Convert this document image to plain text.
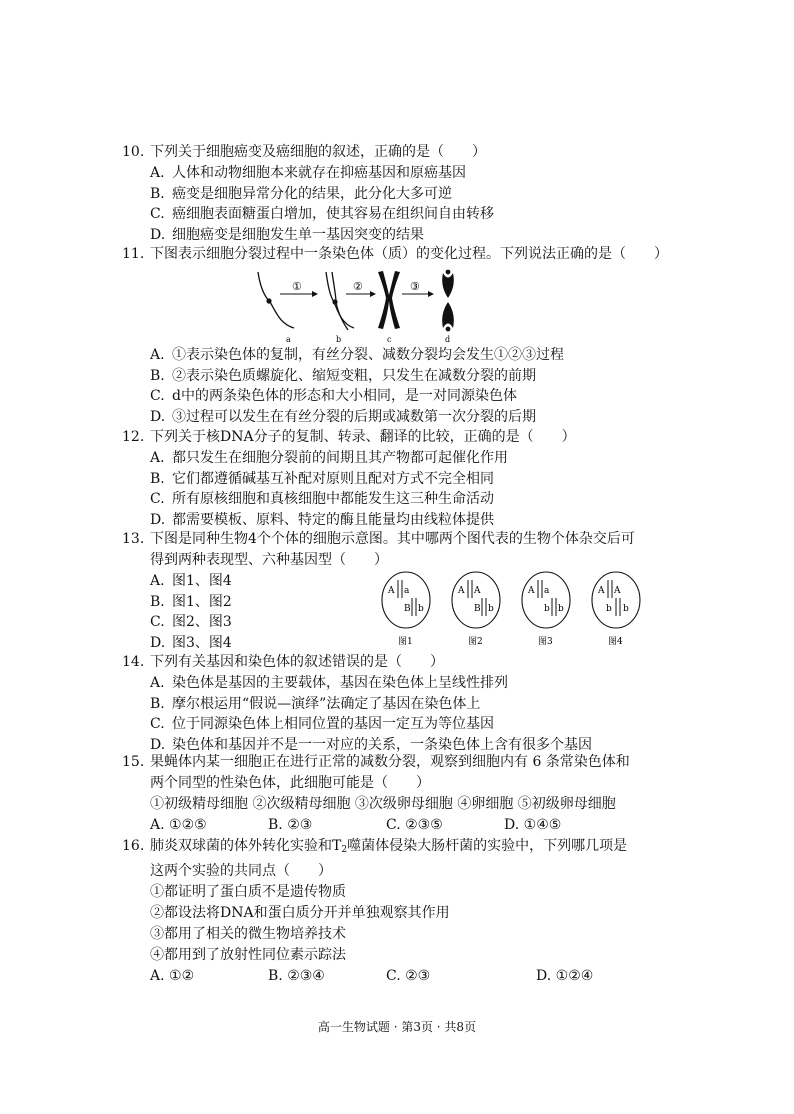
10. 下列关于细胞癌变及癌细胞的叙述，正确的是（　　）
A. 人体和动物细胞本来就存在抑癌基因和原癌基因
B. 癌变是细胞异常分化的结果，此分化大多可逆
C. 癌细胞表面糖蛋白增加，使其容易在组织间自由转移
D. 细胞癌变是细胞发生单一基因突变的结果
11. 下图表示细胞分裂过程中一条染色体（质）的变化过程。下列说法正确的是（　　）
①	②	③
a	b	c	d
A. ①表示染色体的复制，有丝分裂、减数分裂均会发生①②③过程
B. ②表示染色质螺旋化、缩短变粗，只发生在减数分裂的前期
C. d中的两条染色体的形态和大小相同，是一对同源染色体
D. ③过程可以发生在有丝分裂的后期或减数第一次分裂的后期
12. 下列关于核DNA分子的复制、转录、翻译的比较，正确的是（　　）
A. 都只发生在细胞分裂前的间期且其产物都可起催化作用
B. 它们都遵循碱基互补配对原则且配对方式不完全相同
C. 所有原核细胞和真核细胞中都能发生这三种生命活动
D. 都需要模板、原料、特定的酶且能量均由线粒体提供
13. 下图是同种生物4个个体的细胞示意图。其中哪两个图代表的生物个体杂交后可
得到两种表现型、六种基因型（　　）
A. 图1、图4
B. 图1、图2
C. 图2、图3
D. 图3、图4
A a
B b
图1
A A
B b
图2
A a
b b
图3
A A
b b
图4
14. 下列有关基因和染色体的叙述错误的是（　　）
A. 染色体是基因的主要载体，基因在染色体上呈线性排列
B. 摩尔根运用“假说—演绎”法确定了基因在染色体上
C. 位于同源染色体上相同位置的基因一定互为等位基因
D. 染色体和基因并不是一一对应的关系，一条染色体上含有很多个基因
15. 果蝇体内某一细胞正在进行正常的减数分裂，观察到细胞内有 6 条常染色体和
两个同型的性染色体，此细胞可能是（　　）
①初级精母细胞 ②次级精母细胞 ③次级卵母细胞 ④卵细胞 ⑤初级卵母细胞
A. ①②⑤	B. ②③	C. ②③⑤	D. ①④⑤
16. 肺炎双球菌的体外转化实验和$T_2$噬菌体侵染大肠杆菌的实验中，下列哪几项是
这两个实验的共同点（　　）
①都证明了蛋白质不是遗传物质
②都设法将DNA和蛋白质分开并单独观察其作用
③都用了相关的微生物培养技术
④都用到了放射性同位素示踪法
A. ①②	B. ②③④	C. ②③	D. ①②④
高一生物试题 · 第3页 · 共8页
